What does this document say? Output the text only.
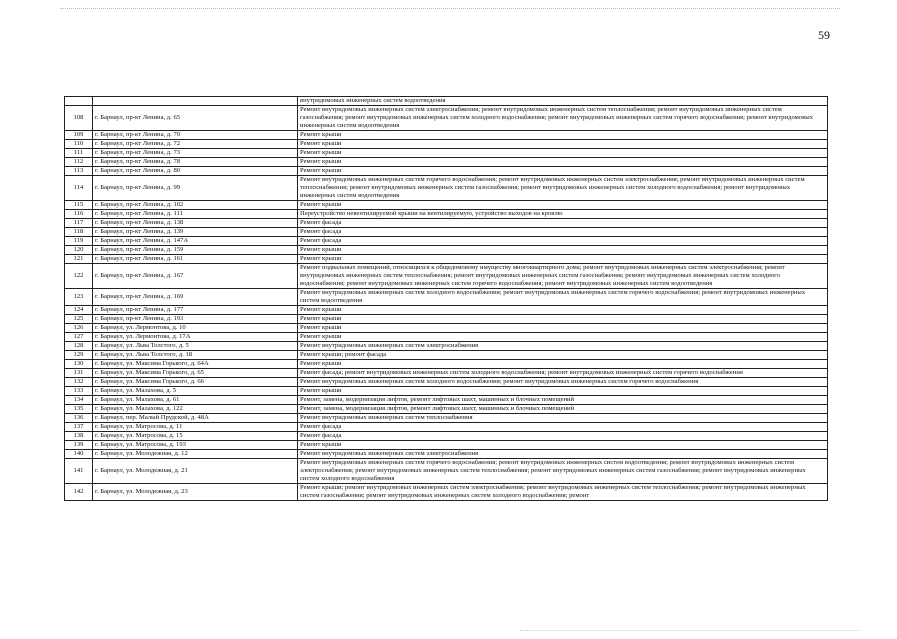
59
		внутридомовых инженерных систем водоотведения
108	г. Барнаул, пр-кт Ленина, д. 65	Ремонт внутридомовых инженерных систем электроснабжения; ремонт внутридомовых инженерных систем теплоснабжения; ремонт внутридомовых инженерных систем газоснабжения; ремонт внутридомовых инженерных систем холодного водоснабжения; ремонт внутридомовых инженерных систем горячего водоснабжения; ремонт внутридомовых инженерных систем водоотведения
109	г. Барнаул, пр-кт Ленина, д. 70	Ремонт крыши
110	г. Барнаул, пр-кт Ленина, д. 72	Ремонт крыши
111	г. Барнаул, пр-кт Ленина, д. 73	Ремонт крыши
112	г. Барнаул, пр-кт Ленина, д. 78	Ремонт крыши
113	г. Барнаул, пр-кт Ленина, д. 80	Ремонт крыши
114	г. Барнаул, пр-кт Ленина, д. 99	Ремонт внутридомовых инженерных систем горячего водоснабжения; ремонт внутридомовых инженерных систем электроснабжения; ремонт внутридомовых инженерных систем теплоснабжения; ремонт внутридомовых инженерных систем газоснабжения; ремонт внутридомовых инженерных систем холодного водоснабжения; ремонт внутридомовых инженерных систем водоотведения
115	г. Барнаул, пр-кт Ленина, д. 102	Ремонт крыши
116	г. Барнаул, пр-кт Ленина, д. 111	Переустройство невентилируемой крыши на вентилируемую, устройство выходов на кровлю
117	г. Барнаул, пр-кт Ленина, д. 138	Ремонт фасада
118	г. Барнаул, пр-кт Ленина, д. 139	Ремонт фасада
119	г. Барнаул, пр-кт Ленина, д. 147А	Ремонт фасада
120	г. Барнаул, пр-кт Ленина, д. 159	Ремонт крыши
121	г. Барнаул, пр-кт Ленина, д. 161	Ремонт крыши
122	г. Барнаул, пр-кт Ленина, д. 167	Ремонт подвальных помещений, относящихся к общедомовому имуществу многоквартирного дома; ремонт внутридомовых инженерных систем электроснабжения; ремонт внутридомовых инженерных систем теплоснабжения; ремонт внутридомовых инженерных систем газоснабжения; ремонт внутридомовых инженерных систем холодного водоснабжения; ремонт внутридомовых инженерных систем горячего водоснабжения; ремонт внутридомовых инженерных систем водоотведения
123	г. Барнаул, пр-кт Ленина, д. 169	Ремонт внутридомовых инженерных систем холодного водоснабжения; ремонт внутридомовых инженерных систем горячего водоснабжения; ремонт внутридомовых инженерных систем водоотведения
124	г. Барнаул, пр-кт Ленина, д. 177	Ремонт крыши
125	г. Барнаул, пр-кт Ленина, д. 193	Ремонт крыши
126	г. Барнаул, ул. Лермонтова, д. 10	Ремонт крыши
127	г. Барнаул, ул. Лермонтова, д. 17А	Ремонт крыши
128	г. Барнаул, ул. Льва Толстого, д. 5	Ремонт внутридомовых инженерных систем электроснабжения
129	г. Барнаул, ул. Льва Толстого, д. 18	Ремонт крыши; ремонт фасада
130	г. Барнаул, ул. Максима Горького, д. 64А	Ремонт крыши
131	г. Барнаул, ул. Максима Горького, д. 65	Ремонт фасада; ремонт внутридомовых инженерных систем холодного водоснабжения; ремонт внутридомовых инженерных систем горячего водоснабжения
132	г. Барнаул, ул. Максима Горького, д. 66	Ремонт внутридомовых инженерных систем холодного водоснабжения; ремонт внутридомовых инженерных систем горячего водоснабжения
133	г. Барнаул, ул. Малахова, д. 5	Ремонт крыши
134	г. Барнаул, ул. Малахова, д. 61	Ремонт, замена, модернизация лифтов, ремонт лифтовых шахт, машинных и блочных помещений
135	г. Барнаул, ул. Малахова, д. 122	Ремонт, замена, модернизация лифтов, ремонт лифтовых шахт, машинных и блочных помещений
136	г. Барнаул, пер. Малый Прудской, д. 48А	Ремонт внутридомовых инженерных систем теплоснабжения
137	г. Барнаул, ул. Матросова, д. 11	Ремонт фасада
138	г. Барнаул, ул. Матросова, д. 15	Ремонт фасада
139	г. Барнаул, ул. Матросова, д. 193	Ремонт крыши
140	г. Барнаул, ул. Молодежная, д. 12	Ремонт внутридомовых инженерных систем электроснабжения
141	г. Барнаул, ул. Молодежная, д. 21	Ремонт внутридомовых инженерных систем горячего водоснабжения; ремонт внутридомовых инженерных систем водоотведения; ремонт внутридомовых инженерных систем электроснабжения; ремонт внутридомовых инженерных систем теплоснабжения; ремонт внутридомовых инженерных систем газоснабжения; ремонт внутридомовых инженерных систем холодного водоснабжения
142	г. Барнаул, ул. Молодежная, д. 23	Ремонт крыши; ремонт внутридомовых инженерных систем электроснабжения; ремонт внутридомовых инженерных систем теплоснабжения; ремонт внутридомовых инженерных систем газоснабжения; ремонт внутридомовых инженерных систем холодного водоснабжения; ремонт
